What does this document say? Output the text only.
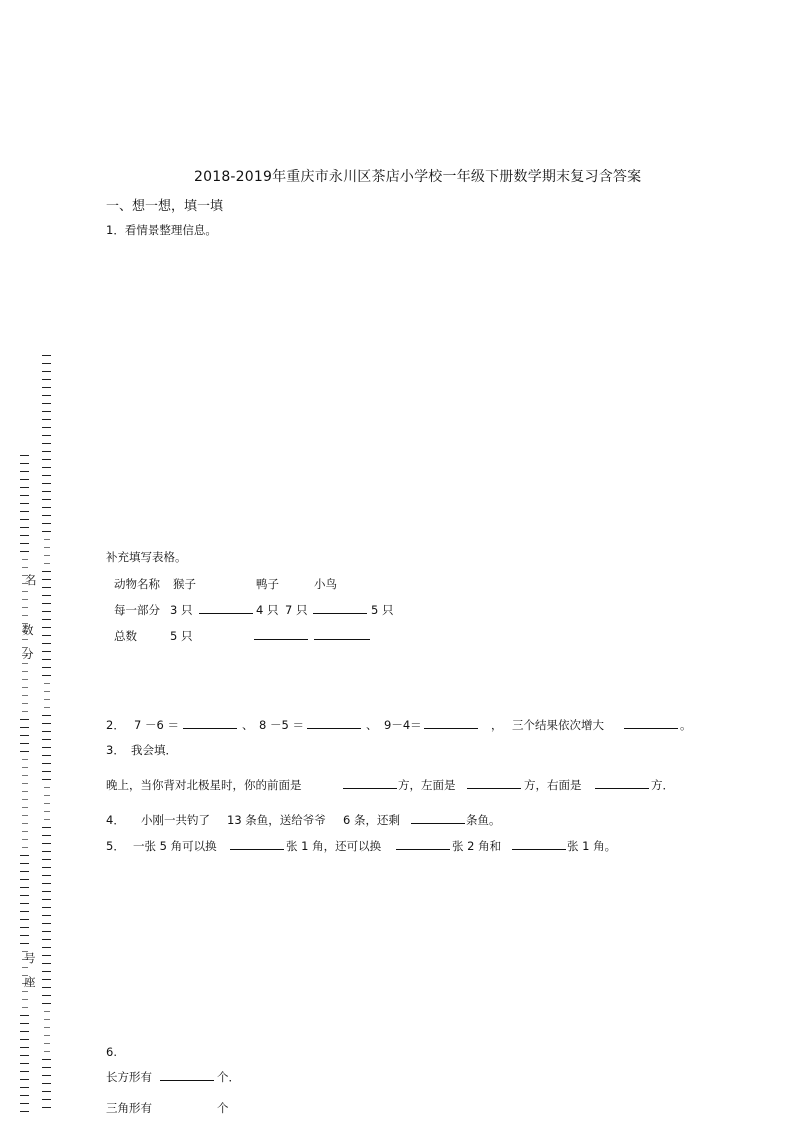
名
数
分
号
座
2018-2019年重庆市永川区茶店小学校一年级下册数学期末复习含答案
一、想一想，填一填
1．看情景整理信息。
补充填写表格。
动物名称 猴子	鸭子	小鸟
每一部分 3 只	4 只 7 只	5 只
总数	5 只
2． 7 －6 ＝	、 8 －5 ＝	、 9－4＝	， 三个结果依次增大	。
3． 我会填．
晚上，当你背对北极星时，你的前面是	方，左面是	方，右面是	方．
4． 小刚一共钓了 13 条鱼，送给爷爷 6 条，还剩	条鱼。
5． 一张 5 角可以换	张 1 角，还可以换	张 2 角和	张 1 角。
6.
长方形有	个．
三角形有	个
